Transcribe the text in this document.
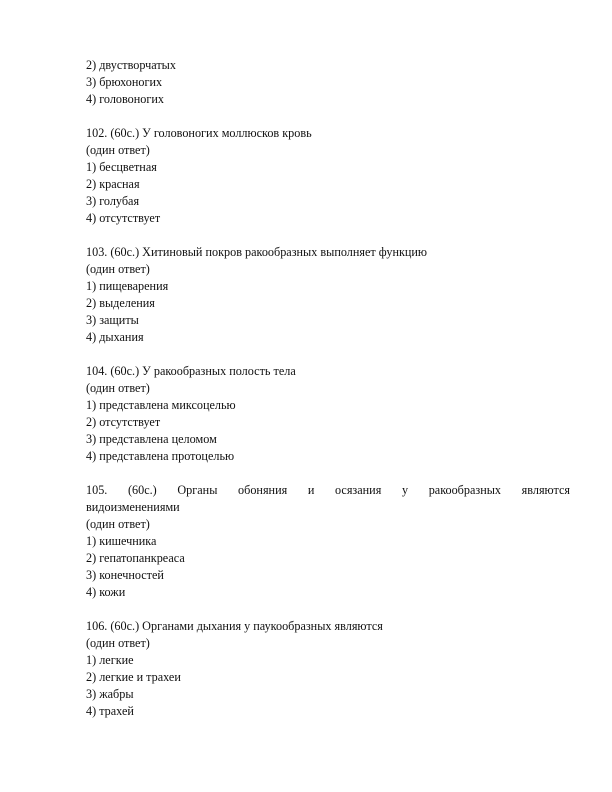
2) двустворчатых
3) брюхоногих
4) головоногих
102. (60с.) У головоногих моллюсков кровь
(один ответ)
1) бесцветная
2) красная
3) голубая
4) отсутствует
103. (60с.) Хитиновый покров ракообразных выполняет функцию
(один ответ)
1) пищеварения
2) выделения
3) защиты
4) дыхания
104. (60с.) У ракообразных полость тела
(один ответ)
1) представлена миксоцелью
2) отсутствует
3) представлена целомом
4) представлена протоцелью
105. (60с.) Органы обоняния и осязания у ракообразных являются
видоизменениями
(один ответ)
1) кишечника
2) гепатопанкреаса
3) конечностей
4) кожи
106. (60с.) Органами дыхания у паукообразных являются
(один ответ)
1) легкие
2) легкие и трахеи
3) жабры
4) трахей
